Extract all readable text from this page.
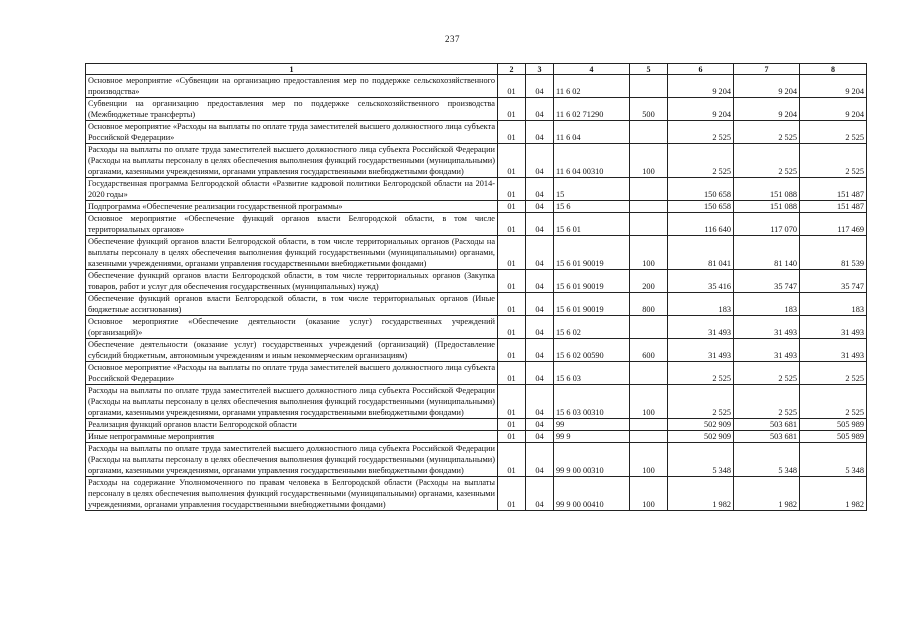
237
1	2	3	4	5	6	7	8
Основное мероприятие «Субвенции на организацию предоставления мер по поддержке сельскохозяйственного производства»	01	04	11 6 02		9 204	9 204	9 204
Субвенции на организацию предоставления мер по поддержке сельскохозяйственного производства (Межбюджетные трансферты)	01	04	11 6 02 71290	500	9 204	9 204	9 204
Основное мероприятие «Расходы на выплаты по оплате труда заместителей высшего должностного лица субъекта Российской Федерации»	01	04	11 6 04		2 525	2 525	2 525
Расходы на выплаты по оплате труда заместителей высшего должностного лица субъекта Российской Федерации (Расходы на выплаты персоналу в целях обеспечения выполнения функций государственными (муниципальными) органами, казенными учреждениями, органами управления государственными внебюджетными фондами)	01	04	11 6 04 00310	100	2 525	2 525	2 525
Государственная программа Белгородской области «Развитие кадровой политики Белгородской области на 2014-2020 годы»	01	04	15		150 658	151 088	151 487
Подпрограмма «Обеспечение реализации государственной программы»	01	04	15 6		150 658	151 088	151 487
Основное мероприятие «Обеспечение функций органов власти Белгородской области, в том числе территориальных органов»	01	04	15 6 01		116 640	117 070	117 469
Обеспечение функций органов власти Белгородской области, в том числе территориальных органов (Расходы на выплаты персоналу в целях обеспечения выполнения функций государственными (муниципальными) органами, казенными учреждениями, органами управления государственными внебюджетными фондами)	01	04	15 6 01 90019	100	81 041	81 140	81 539
Обеспечение функций органов власти Белгородской области, в том числе территориальных органов (Закупка товаров, работ и услуг для обеспечения государственных (муниципальных) нужд)	01	04	15 6 01 90019	200	35 416	35 747	35 747
Обеспечение функций органов власти Белгородской области, в том числе территориальных органов (Иные бюджетные ассигнования)	01	04	15 6 01 90019	800	183	183	183
Основное мероприятие «Обеспечение деятельности (оказание услуг) государственных учреждений (организаций)»	01	04	15 6 02		31 493	31 493	31 493
Обеспечение деятельности (оказание услуг) государственных учреждений (организаций) (Предоставление субсидий бюджетным, автономным учреждениям и иным некоммерческим организациям)	01	04	15 6 02 00590	600	31 493	31 493	31 493
Основное мероприятие «Расходы на выплаты по оплате труда заместителей высшего должностного лица субъекта Российской Федерации»	01	04	15 6 03		2 525	2 525	2 525
Расходы на выплаты по оплате труда заместителей высшего должностного лица субъекта Российской Федерации (Расходы на выплаты персоналу в целях обеспечения выполнения функций государственными (муниципальными) органами, казенными учреждениями, органами управления государственными внебюджетными фондами)	01	04	15 6 03 00310	100	2 525	2 525	2 525
Реализация функций органов власти Белгородской области	01	04	99		502 909	503 681	505 989
Иные непрограммные мероприятия	01	04	99 9		502 909	503 681	505 989
Расходы на выплаты по оплате труда заместителей высшего должностного лица субъекта Российской Федерации (Расходы на выплаты персоналу в целях обеспечения выполнения функций государственными (муниципальными) органами, казенными учреждениями, органами управления государственными внебюджетными фондами)	01	04	99 9 00 00310	100	5 348	5 348	5 348
Расходы на содержание Уполномоченного по правам человека в Белгородской области (Расходы на выплаты персоналу в целях обеспечения выполнения функций государственными (муниципальными) органами, казенными учреждениями, органами управления государственными внебюджетными фондами)	01	04	99 9 00 00410	100	1 982	1 982	1 982
